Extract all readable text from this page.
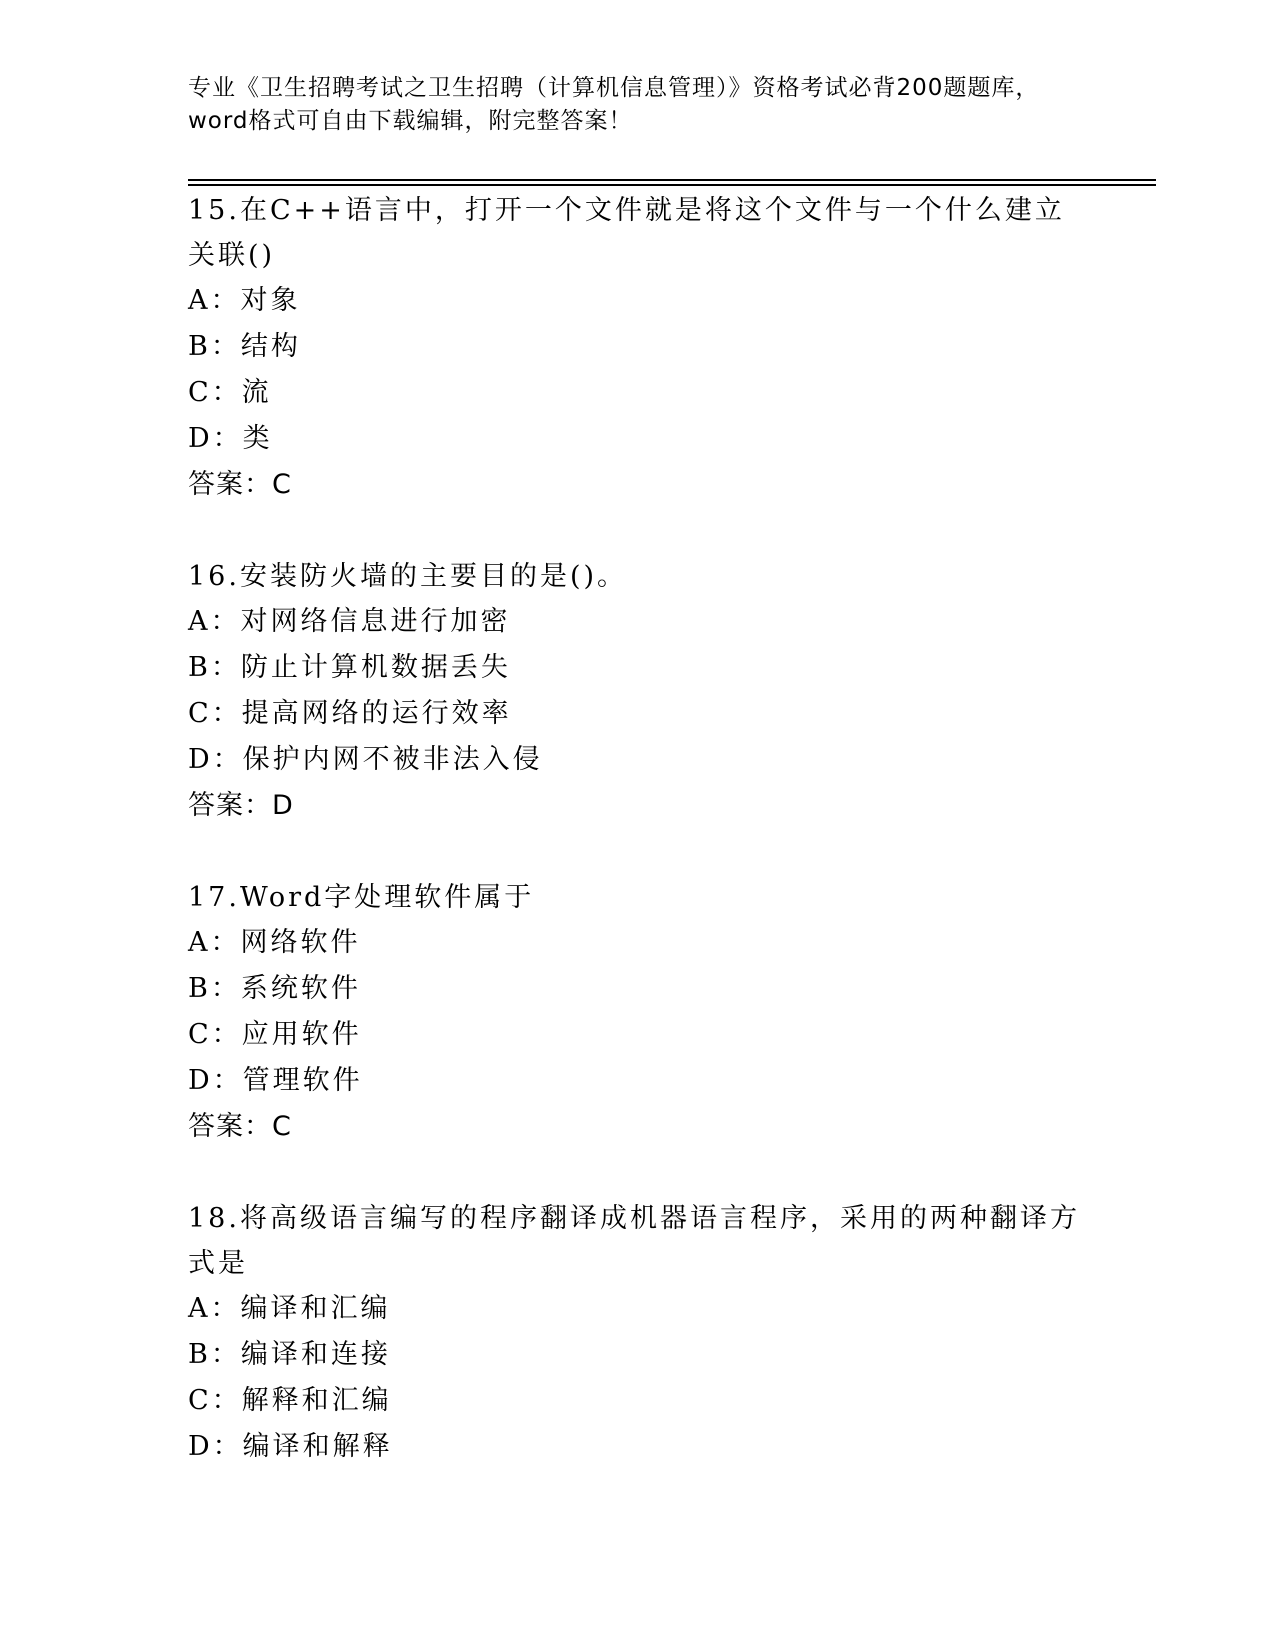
专业《卫生招聘考试之卫生招聘（计算机信息管理）》资格考试必背200题题库，
word格式可自由下载编辑，附完整答案！
15.在C++语言中，打开一个文件就是将这个文件与一个什么建立关联()
A：对象
B：结构
C：流
D：类
答案：C
16.安装防火墙的主要目的是()。
A：对网络信息进行加密
B：防止计算机数据丢失
C：提高网络的运行效率
D：保护内网不被非法入侵
答案：D
17.Word字处理软件属于
A：网络软件
B：系统软件
C：应用软件
D：管理软件
答案：C
18.将高级语言编写的程序翻译成机器语言程序，采用的两种翻译方式是
A：编译和汇编
B：编译和连接
C：解释和汇编
D：编译和解释
